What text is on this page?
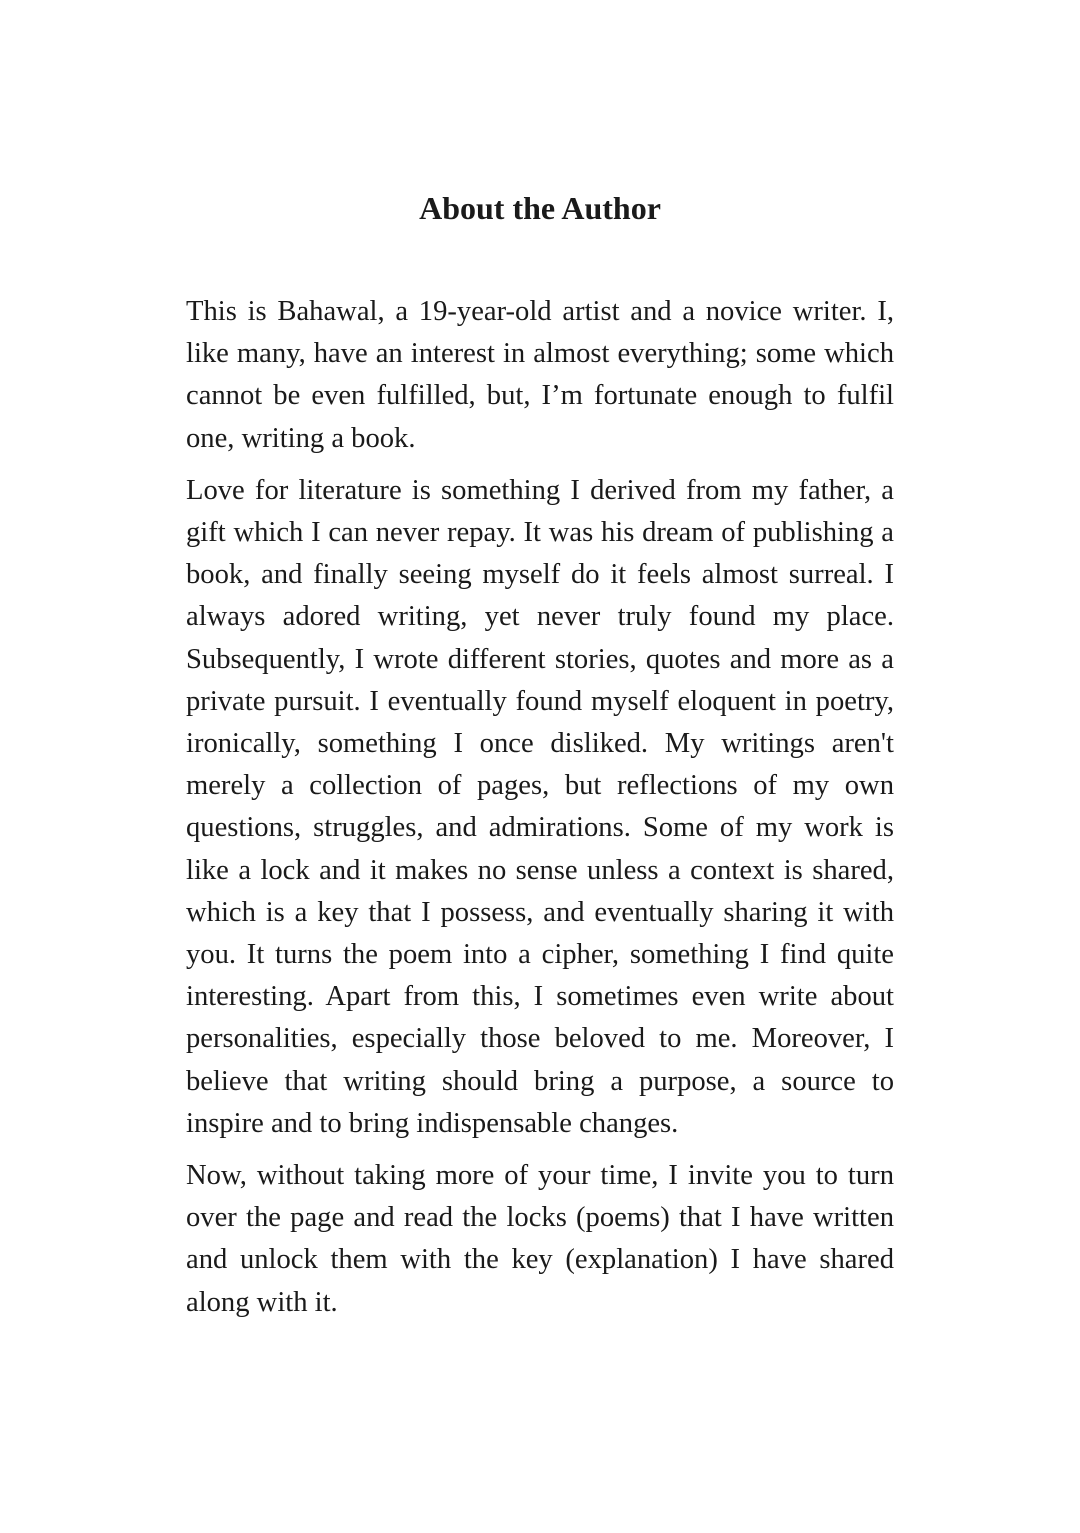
About the Author

This is Bahawal, a 19-year-old artist and a novice writer. I, like many, have an interest in almost everything; some which cannot be even fulfilled, but, I’m fortunate enough to fulfil one, writing a book.

Love for literature is something I derived from my father, a gift which I can never repay. It was his dream of publishing a book, and finally seeing myself do it feels almost surreal. I always adored writing, yet never truly found my place. Subsequently, I wrote different stories, quotes and more as a private pursuit. I eventually found myself eloquent in poetry, ironically, something I once disliked. My writings aren't merely a collection of pages, but reflections of my own questions, struggles, and admirations. Some of my work is like a lock and it makes no sense unless a context is shared, which is a key that I possess, and eventually sharing it with you. It turns the poem into a cipher, something I find quite interesting. Apart from this, I sometimes even write about personalities, especially those beloved to me. Moreover, I believe that writing should bring a purpose, a source to inspire and to bring indispensable changes.

Now, without taking more of your time, I invite you to turn over the page and read the locks (poems) that I have written and unlock them with the key (explanation) I have shared along with it.
